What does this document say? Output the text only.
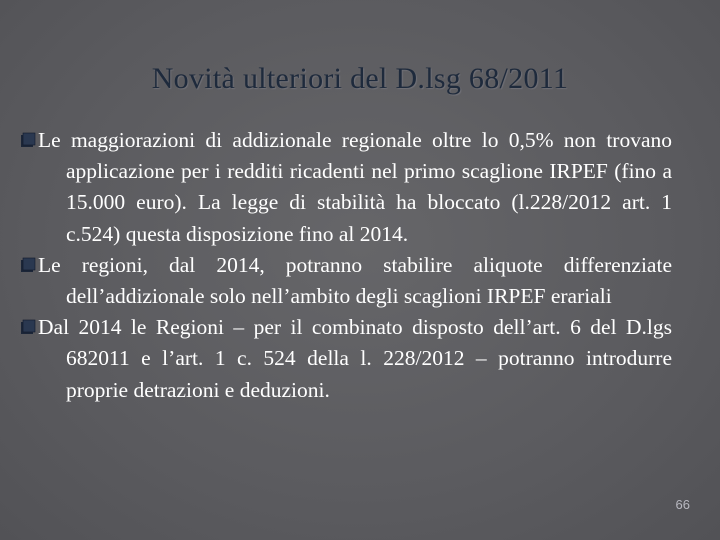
Novità ulteriori del D.lsg 68/2011

Le maggiorazioni di addizionale regionale oltre lo 0,5% non trovano applicazione per i redditi ricadenti nel primo scaglione IRPEF (fino a 15.000 euro). La legge di stabilità ha bloccato (l.228/2012 art. 1 c.524) questa disposizione fino al 2014.

Le regioni, dal 2014, potranno stabilire aliquote differenziate dell’addizionale solo nell’ambito degli scaglioni IRPEF erariali

Dal 2014 le Regioni – per il combinato disposto dell’art. 6 del D.lgs 682011 e l’art. 1 c. 524 della l. 228/2012 – potranno introdurre proprie detrazioni e deduzioni.

66
